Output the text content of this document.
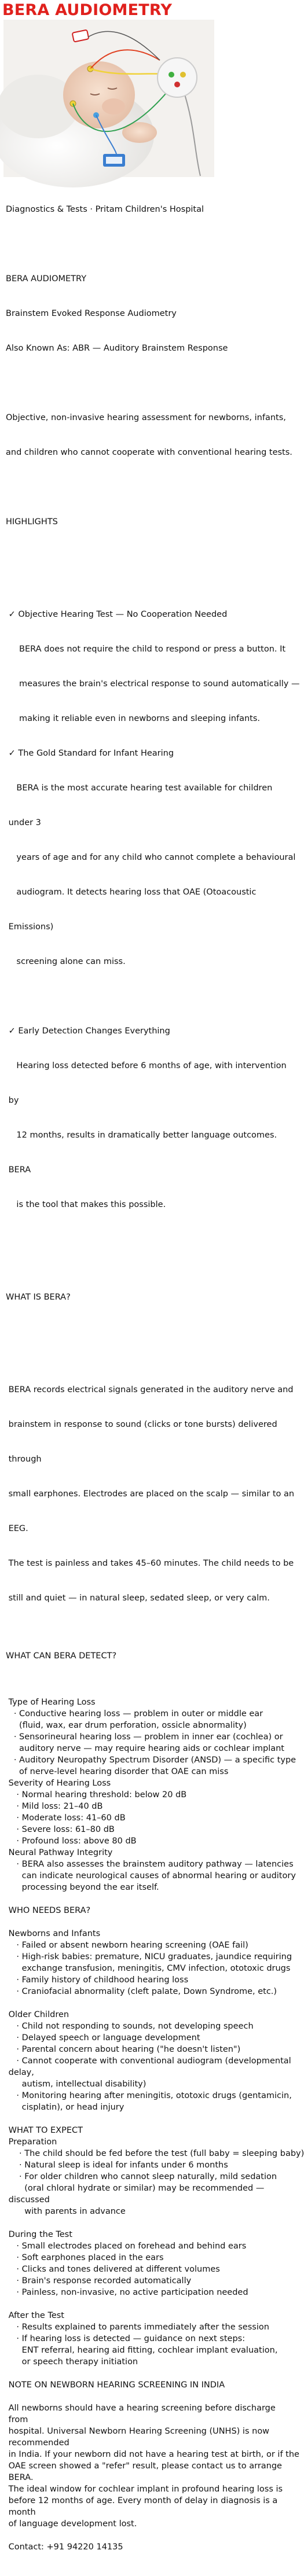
BERA AUDIOMETRY

Diagnostics & Tests · Pritam Children's Hospital

BERA AUDIOMETRY

Brainstem Evoked Response Audiometry

Also Known As: ABR — Auditory Brainstem Response

Objective, non-invasive hearing assessment for newborns, infants,

and children who cannot cooperate with conventional hearing tests.

HIGHLIGHTS

✓ Objective Hearing Test — No Cooperation Needed

BERA does not require the child to respond or press a button. It

measures the brain's electrical response to sound automatically —

making it reliable even in newborns and sleeping infants.

✓ The Gold Standard for Infant Hearing

BERA is the most accurate hearing test available for children

under 3

years of age and for any child who cannot complete a behavioural

audiogram. It detects hearing loss that OAE (Otoacoustic

Emissions)

screening alone can miss.

✓ Early Detection Changes Everything

Hearing loss detected before 6 months of age, with intervention

by

12 months, results in dramatically better language outcomes.

BERA

is the tool that makes this possible.

WHAT IS BERA?

BERA records electrical signals generated in the auditory nerve and

brainstem in response to sound (clicks or tone bursts) delivered

through

small earphones. Electrodes are placed on the scalp — similar to an

EEG.

The test is painless and takes 45–60 minutes. The child needs to be

still and quiet — in natural sleep, sedated sleep, or very calm.

WHAT CAN BERA DETECT?

Type of Hearing Loss
· Conductive hearing loss — problem in outer or middle ear
(fluid, wax, ear drum perforation, ossicle abnormality)
· Sensorineural hearing loss — problem in inner ear (cochlea) or
auditory nerve — may require hearing aids or cochlear implant
· Auditory Neuropathy Spectrum Disorder (ANSD) — a specific type
of nerve-level hearing disorder that OAE can miss
Severity of Hearing Loss
· Normal hearing threshold: below 20 dB
· Mild loss: 21–40 dB
· Moderate loss: 41–60 dB
· Severe loss: 61–80 dB
· Profound loss: above 80 dB
Neural Pathway Integrity
· BERA also assesses the brainstem auditory pathway — latencies
can indicate neurological causes of abnormal hearing or auditory
processing beyond the ear itself.
WHO NEEDS BERA?
Newborns and Infants
· Failed or absent newborn hearing screening (OAE fail)
· High-risk babies: premature, NICU graduates, jaundice requiring
exchange transfusion, meningitis, CMV infection, ototoxic drugs
· Family history of childhood hearing loss
· Craniofacial abnormality (cleft palate, Down Syndrome, etc.)
Older Children
· Child not responding to sounds, not developing speech
· Delayed speech or language development
· Parental concern about hearing ("he doesn't listen")
· Cannot cooperate with conventional audiogram (developmental
delay,
autism, intellectual disability)
· Monitoring hearing after meningitis, ototoxic drugs (gentamicin,
cisplatin), or head injury
WHAT TO EXPECT
Preparation
· The child should be fed before the test (full baby = sleeping baby)
· Natural sleep is ideal for infants under 6 months
· For older children who cannot sleep naturally, mild sedation
(oral chloral hydrate or similar) may be recommended —
discussed
with parents in advance
During the Test
· Small electrodes placed on forehead and behind ears
· Soft earphones placed in the ears
· Clicks and tones delivered at different volumes
· Brain's response recorded automatically
· Painless, non-invasive, no active participation needed
After the Test
· Results explained to parents immediately after the session
· If hearing loss is detected — guidance on next steps:
ENT referral, hearing aid fitting, cochlear implant evaluation,
or speech therapy initiation
NOTE ON NEWBORN HEARING SCREENING IN INDIA
All newborns should have a hearing screening before discharge
from
hospital. Universal Newborn Hearing Screening (UNHS) is now
recommended
in India. If your newborn did not have a hearing test at birth, or if the
OAE screen showed a "refer" result, please contact us to arrange
BERA.
The ideal window for cochlear implant in profound hearing loss is
before 12 months of age. Every month of delay in diagnosis is a
month
of language development lost.
Contact: +91 94220 14135
